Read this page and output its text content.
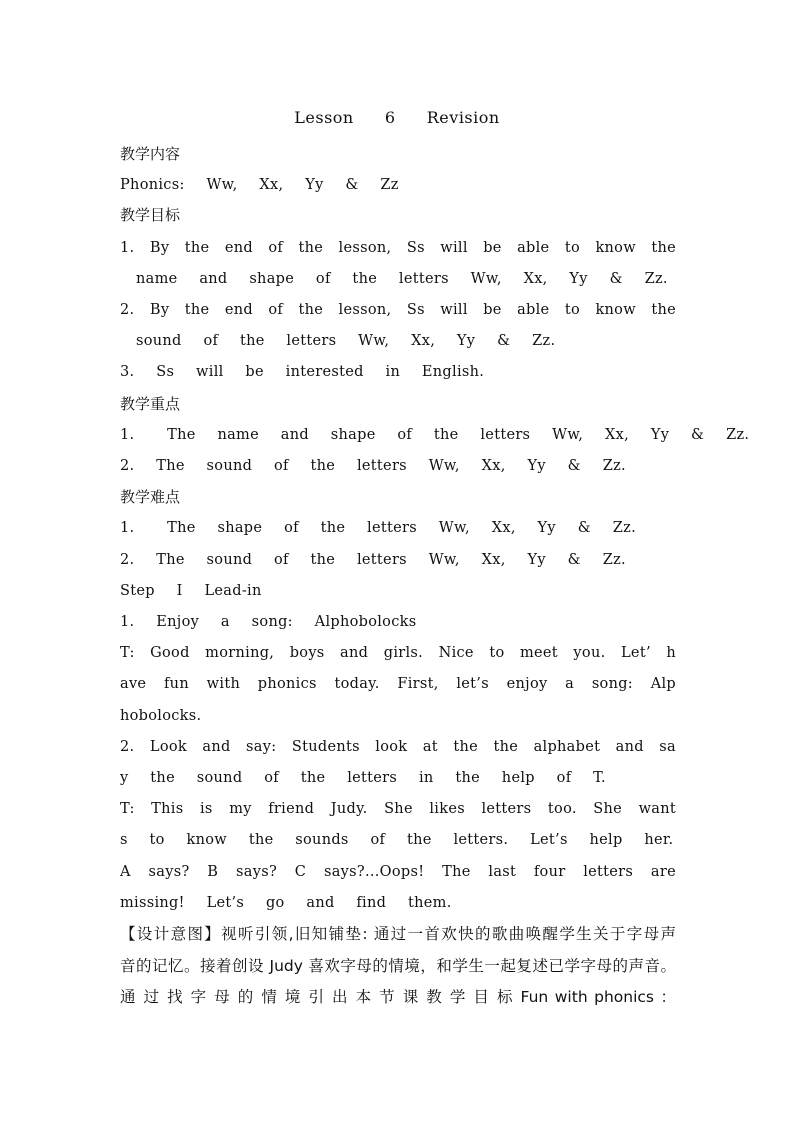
Lesson  6  Revision
教学内容
Phonics:  Ww,  Xx,  Yy  &  Zz
教学目标
1. By the end of the lesson, Ss will be able to know the
name  and  shape  of  the  letters  Ww,  Xx,  Yy  &  Zz.
2. By the end of the lesson, Ss will be able to know the
sound  of  the  letters  Ww,  Xx,  Yy  &  Zz.
3.  Ss  will  be  interested  in  English.
教学重点
1.   The  name  and  shape  of  the  letters  Ww,  Xx,  Yy  &  Zz.
2.  The  sound  of  the  letters  Ww,  Xx,  Yy  &  Zz.
教学难点
1.   The  shape  of  the  letters  Ww,  Xx,  Yy  &  Zz.
2.  The  sound  of  the  letters  Ww,  Xx,  Yy  &  Zz.
Step  I  Lead-in
1.  Enjoy  a  song:  Alphobolocks
T: Good morning, boys and girls. Nice to meet you. Let’ h
ave fun with phonics today. First, let’s enjoy a song: Alp
hobolocks.
2. Look and say: Students look at the the alphabet and sa
y  the  sound  of  the  letters  in  the  help  of  T.
T: This is my friend Judy. She likes letters too. She want
s  to  know  the  sounds  of  the  letters.  Let’s  help  her.
A says? B says? C says?...Oops! The last four letters are
missing!  Let’s  go  and  find  them.
【设计意图】视听引领,旧知铺垫: 通过一首欢快的歌曲唤醒学生关于字母声
音的记忆。接着创设 Judy 喜欢字母的情境，和学生一起复述已学字母的声音。
通 过 找 字 母 的 情 境 引 出 本 节 课 教 学 目 标 Fun with phonics ：
